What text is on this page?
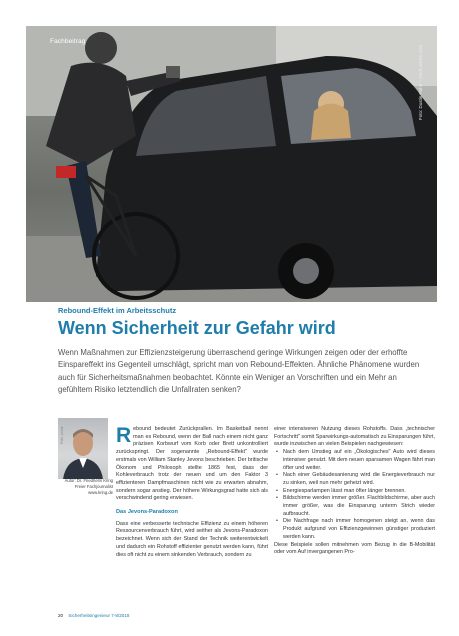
Fachbeitrag
Foto: Dustin Hahn – stock.adobe.com
Rebound-Effekt im Arbeitsschutz
Wenn Sicherheit zur Gefahr wird
Wenn Maßnahmen zur Effizienzsteigerung überraschend geringe Wirkungen zeigen oder der erhoffte Einspareffekt ins Gegenteil umschlägt, spricht man von Rebound-Effekten. Ähnliche Phänomene wurden auch für Sicherheitsmaßnahmen beobachtet. Könnte ein Weniger an Vorschriften und ein Mehr an gefühltem Risiko letztendlich die Unfallraten senken?
Foto: privat
Autor: Dr. Friedhelm Kring
Freier Fachjournalist
www.kring.de

Rebound bedeutet Zurückprallen. Im Basketball nennt man es Rebound, wenn der Ball nach einem nicht ganz präzisen Korbwurf vom Korb oder Brett unkontrolliert zurückspringt. Der sogenannte „Rebound-Effekt" wurde erstmals von William Stanley Jevons beschrieben. Der britische Ökonom und Philosoph stellte 1865 fest, dass der Kohleverbrauch trotz der neuen und um den Faktor 3 effizienteren Dampfmaschinen nicht wie zu erwarten abnahm, sondern sogar anstieg. Der höhere Wirkungsgrad hatte sich als verschwindend gering erwiesen.

Das Jevons-Paradoxon

Dass eine verbesserte technische Effizienz zu einem höheren Ressourcenverbrauch führt, wird seither als Jevons-Paradoxon bezeichnet. Wenn sich der Stand der Technik weiterentwickelt und dadurch ein Rohstoff effizienter genutzt werden kann, führt dies oft nicht zu einem sinkenden Verbrauch, sondern zu

einer intensiveren Nutzung dieses Rohstoffs. Dass „technischer Fortschritt" somit Sparwirkungs-automatisch zu Einsparungen führt, wurde inzwischen an vielen Beispielen nachgewiesen:

• Nach dem Umstieg auf ein „Ökologisches" Auto wird dieses intensiver genutzt. Mit dem neuen sparsamen Wagen fährt man öfter und weiter.
• Nach einer Gebäudesanierung wird die Energieverbrauch nur zu sinken, weil nun mehr geheizt wird.
• Energiesparlampen lässt man öfter länger brennen.
• Bildschirme werden immer größer. Flachbildschirme, aber auch immer größer, was die Einsparung unterm Strich wieder aufbraucht.
• Die Nachfrage nach immer homogenen steigt an, wenn das Produkt aufgrund von Effizienzgewinnen günstiger produziert werden kann.

Diese Beispiele sollen mitnehmen vom Bezug in die B-Mobilität oder vom Auf invergangenen Pro-

20 Sicherheitsingenieur 7-8/2018
